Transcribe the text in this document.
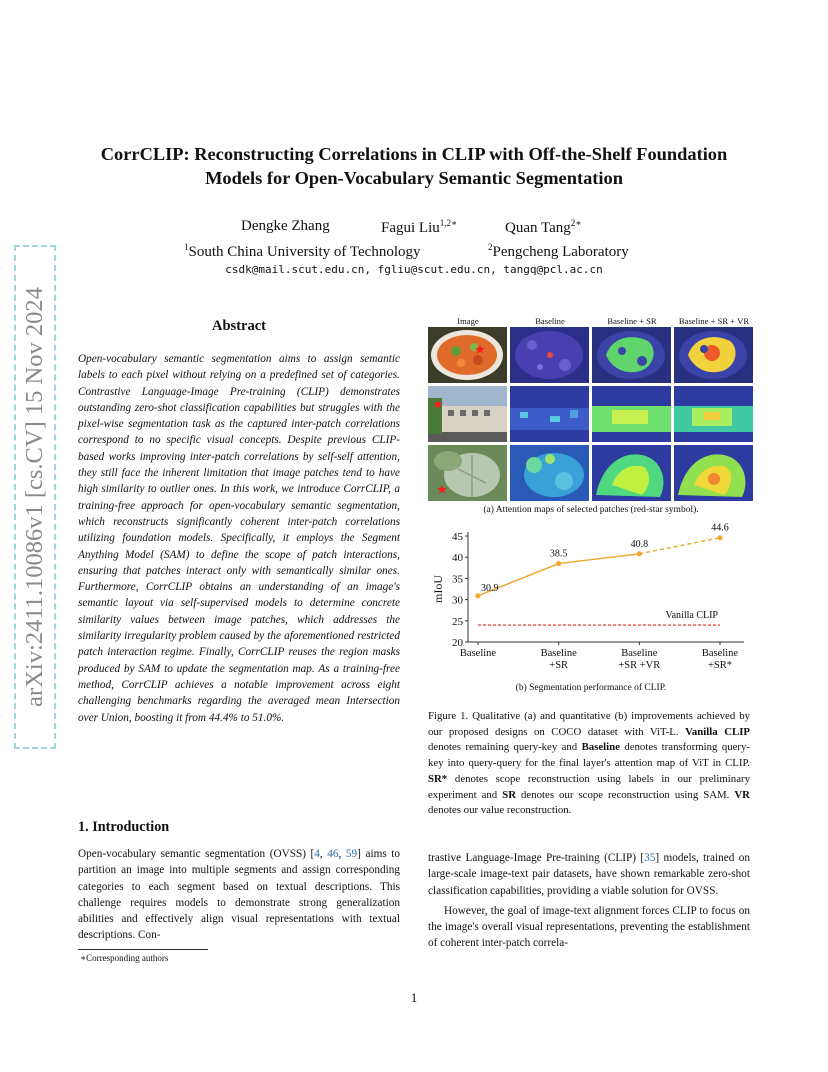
arXiv:2411.10086v1 [cs.CV] 15 Nov 2024
CorrCLIP: Reconstructing Correlations in CLIP with Off-the-Shelf Foundation Models for Open-Vocabulary Semantic Segmentation
Dengke Zhang	Fagui Liu$^{1,2∗}$	Quan Tang$^{2∗}$
$^1$South China University of Technology	$^2$Pengcheng Laboratory
csdk@mail.scut.edu.cn, fgliu@scut.edu.cn, tangq@pcl.ac.cn
Abstract
Open-vocabulary semantic segmentation aims to assign semantic labels to each pixel without relying on a predefined set of categories. Contrastive Language-Image Pre-training (CLIP) demonstrates outstanding zero-shot classification capabilities but struggles with the pixel-wise segmentation task as the captured inter-patch correlations correspond to no specific visual concepts. Despite previous CLIP-based works improving inter-patch correlations by self-self attention, they still face the inherent limitation that image patches tend to have high similarity to outlier ones. In this work, we introduce CorrCLIP, a training-free approach for open-vocabulary semantic segmentation, which reconstructs significantly coherent inter-patch correlations utilizing foundation models. Specifically, it employs the Segment Anything Model (SAM) to define the scope of patch interactions, ensuring that patches interact only with semantically similar ones. Furthermore, CorrCLIP obtains an understanding of an image's semantic layout via self-supervised models to determine concrete similarity values between image patches, which addresses the similarity irregularity problem caused by the aforementioned restricted patch interaction regime. Finally, CorrCLIP reuses the region masks produced by SAM to update the segmentation map. As a training-free method, CorrCLIP achieves a notable improvement across eight challenging benchmarks regarding the averaged mean Intersection over Union, boosting it from 44.4% to 51.0%.
1. Introduction
Open-vocabulary semantic segmentation (OVSS) [4, 46, 59] aims to partition an image into multiple segments and assign corresponding categories to each segment based on textual descriptions. This challenge requires models to demonstrate strong generalization abilities and effectively align visual representations with textual descriptions. Con-

trastive Language-Image Pre-training (CLIP) [35] models, trained on large-scale image-text pair datasets, have shown remarkable zero-shot classification capabilities, providing a viable solution for OVSS.

However, the goal of image-text alignment forces CLIP to focus on the image's overall visual representations, preventing the establishment of coherent inter-patch correla-

∗Corresponding authors
1
Image	Baseline	Baseline + SR	Baseline + SR + VR
(a) Attention maps of selected patches (red-star symbol).
20
25
30
35
40
45
mIoU
Baseline	Baseline
+SR
Baseline
+SR +VR
Baseline
+SR*
Vanilla CLIP
30.9
38.5
40.8
44.6
(b) Segmentation performance of CLIP.
Figure 1. Qualitative (a) and quantitative (b) improvements achieved by our proposed designs on COCO dataset with ViT-L. Vanilla CLIP denotes remaining query-key and Baseline denotes transforming query-key into query-query for the final layer's attention map of ViT in CLIP. SR* denotes scope reconstruction using labels in our preliminary experiment and SR denotes our scope reconstruction using SAM. VR denotes our value reconstruction.
